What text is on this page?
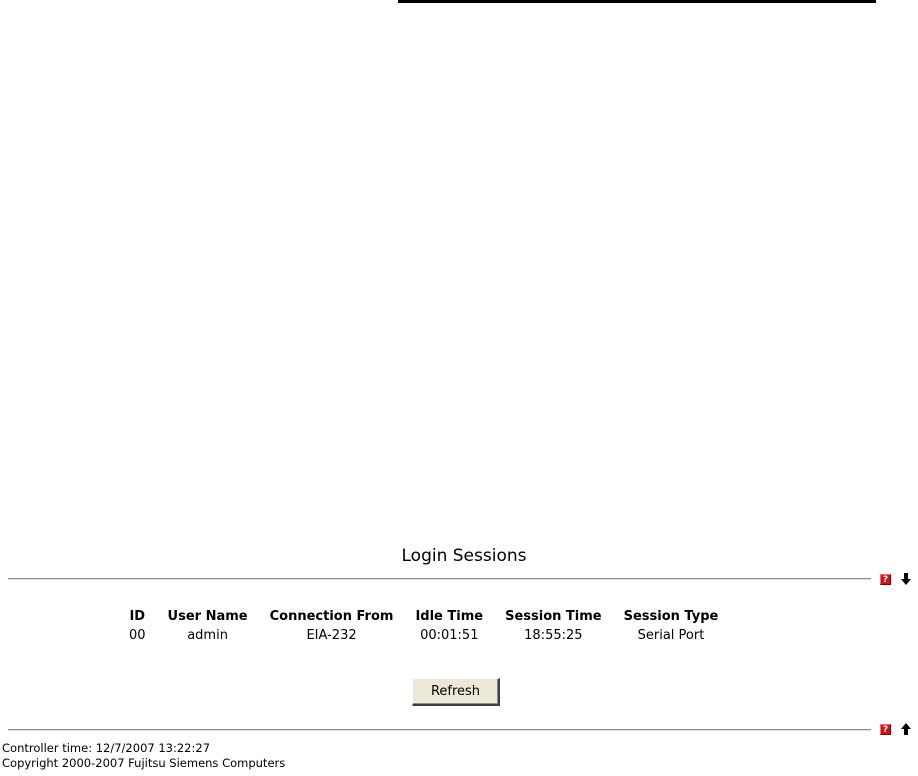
Login Sessions
?
ID	User Name	Connection From	Idle Time	Session Time	Session Type
00	admin	EIA-232	00:01:51	18:55:25	Serial Port
Refresh
?
Controller time: 12/7/2007 13:22:27
Copyright 2000-2007 Fujitsu Siemens Computers
